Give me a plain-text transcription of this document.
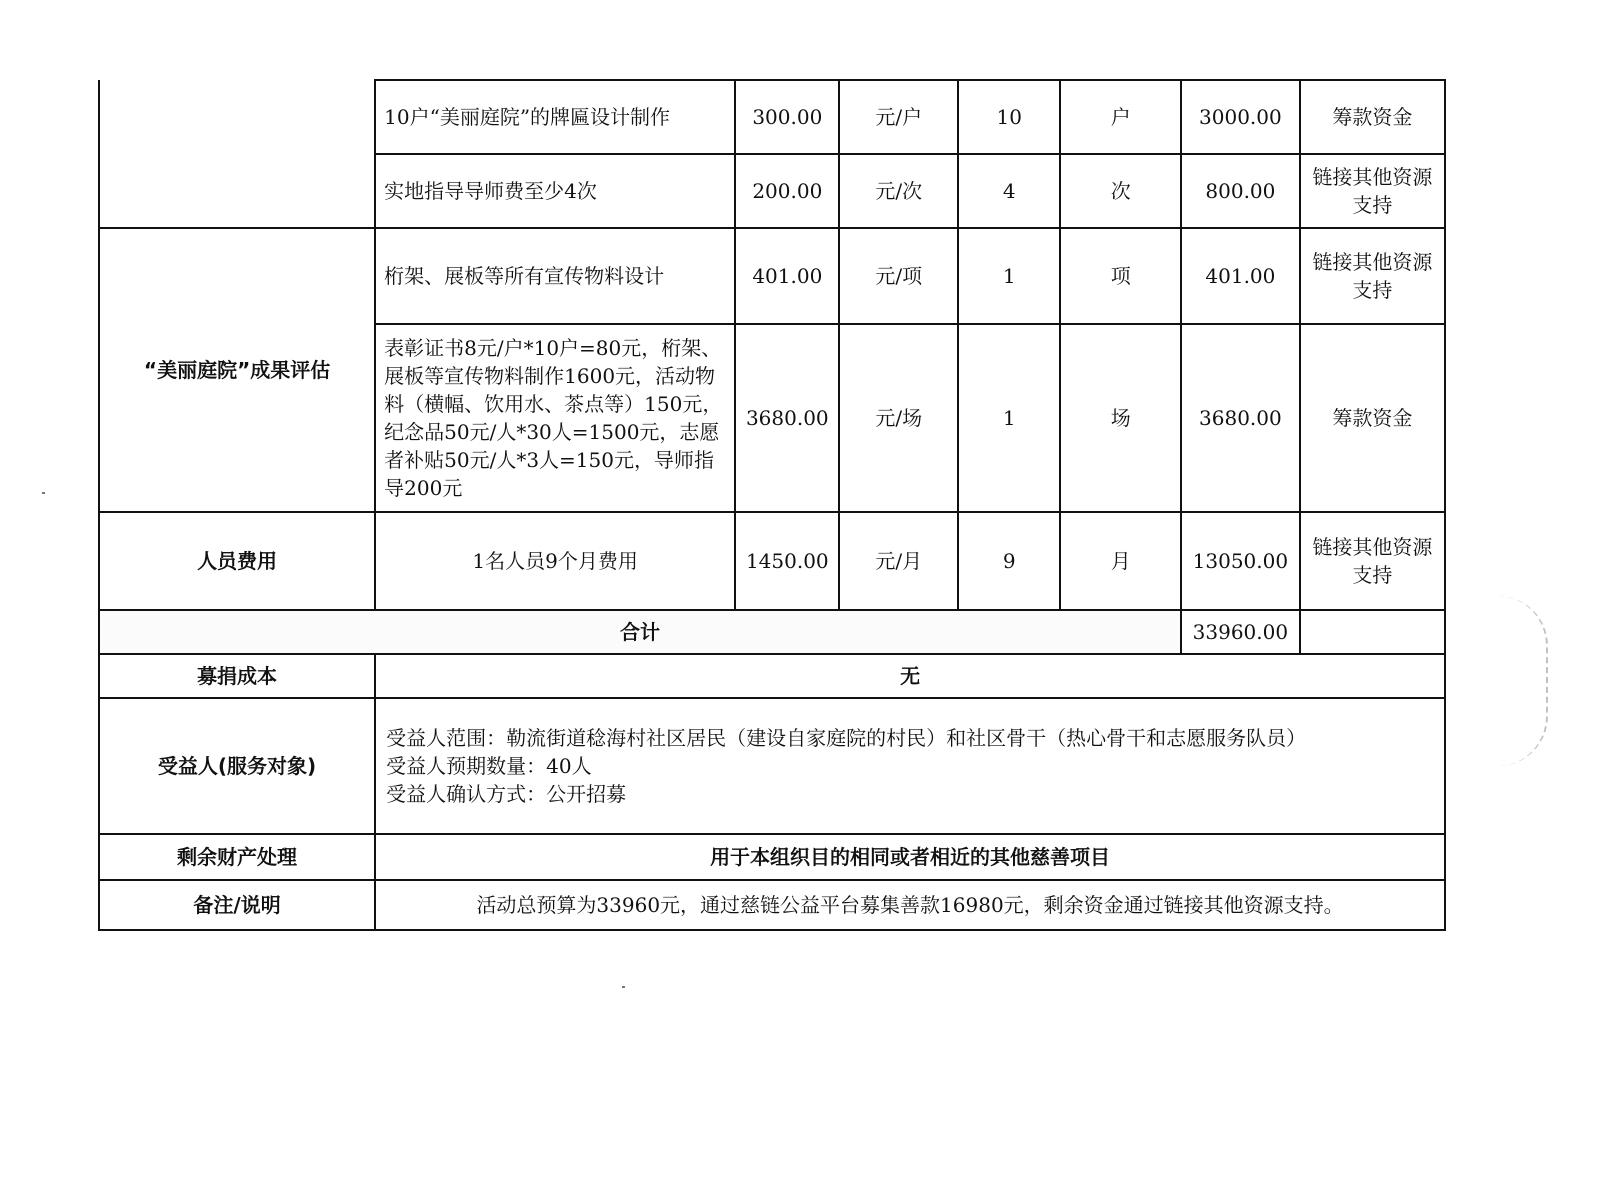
	10户“美丽庭院”的牌匾设计制作	300.00	元/户	10	户	3000.00	筹款资金
	实地指导导师费至少4次	200.00	元/次	4	次	800.00	链接其他资源支持
“美丽庭院”成果评估	桁架、展板等所有宣传物料设计	401.00	元/项	1	项	401.00	链接其他资源支持
	表彰证书8元/户*10户=80元，桁架、展板等宣传物料制作1600元，活动物料（横幅、饮用水、茶点等）150元，纪念品50元/人*30人=1500元，志愿者补贴50元/人*3人=150元，导师指导200元	3680.00	元/场	1	场	3680.00	筹款资金
人员费用	1名人员9个月费用	1450.00	元/月	9	月	13050.00	链接其他资源支持
合计						33960.00	
募捐成本	无						
受益人(服务对象)	受益人范围：勒流街道稔海村社区居民（建设自家庭院的村民）和社区骨干（热心骨干和志愿服务队员）
受益人预期数量：40人
受益人确认方式：公开招募						

剩余财产处理	用于本组织目的相同或者相近的其他慈善项目						
备注/说明	活动总预算为33960元，通过慈链公益平台募集善款16980元，剩余资金通过链接其他资源支持。						
